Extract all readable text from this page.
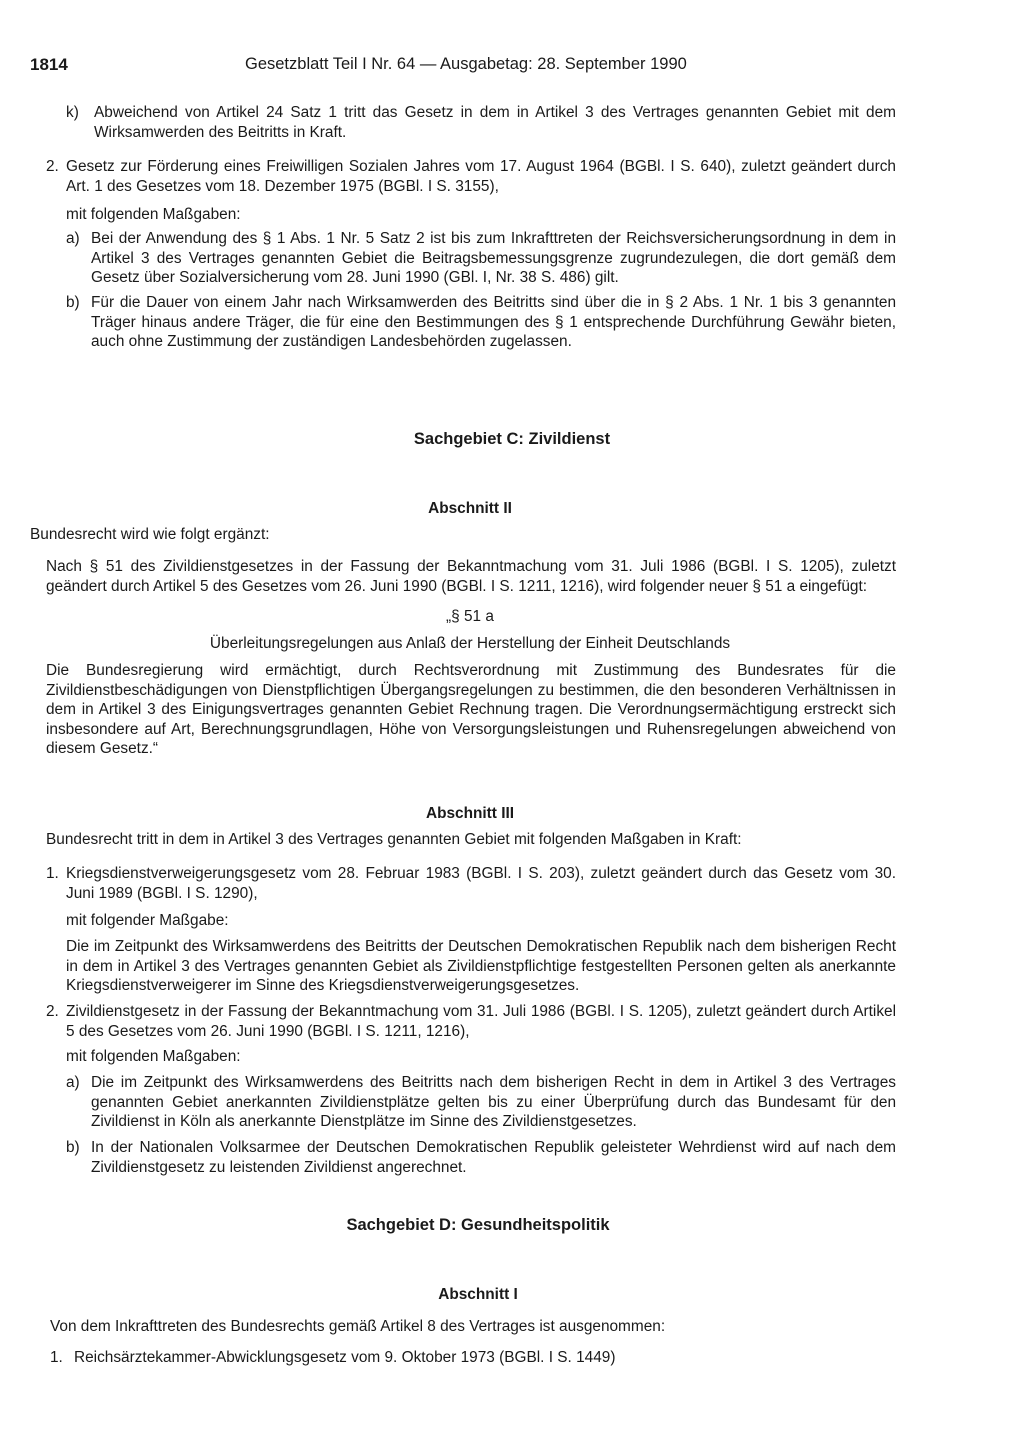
1814	Gesetzblatt Teil I Nr. 64 — Ausgabetag: 28. September 1990
k) Abweichend von Artikel 24 Satz 1 tritt das Gesetz in dem in Artikel 3 des Vertrages genannten Gebiet mit dem Wirksamwerden des Beitritts in Kraft.
2. Gesetz zur Förderung eines Freiwilligen Sozialen Jahres vom 17. August 1964 (BGBl. I S. 640), zuletzt geändert durch Art. 1 des Gesetzes vom 18. Dezember 1975 (BGBl. I S. 3155),
mit folgenden Maßgaben:
a) Bei der Anwendung des § 1 Abs. 1 Nr. 5 Satz 2 ist bis zum Inkrafttreten der Reichsversicherungsordnung in dem in Artikel 3 des Vertrages genannten Gebiet die Beitragsbemessungsgrenze zugrundezulegen, die dort gemäß dem Gesetz über Sozialversicherung vom 28. Juni 1990 (GBl. I, Nr. 38 S. 486) gilt.
b) Für die Dauer von einem Jahr nach Wirksamwerden des Beitritts sind über die in § 2 Abs. 1 Nr. 1 bis 3 genannten Träger hinaus andere Träger, die für eine den Bestimmungen des § 1 entsprechende Durchführung Gewähr bieten, auch ohne Zustimmung der zuständigen Landesbehörden zugelassen.
Sachgebiet C: Zivildienst
Abschnitt II
Bundesrecht wird wie folgt ergänzt:
Nach § 51 des Zivildienstgesetzes in der Fassung der Bekanntmachung vom 31. Juli 1986 (BGBl. I S. 1205), zuletzt geändert durch Artikel 5 des Gesetzes vom 26. Juni 1990 (BGBl. I S. 1211, 1216), wird folgender neuer § 51 a eingefügt:
„§ 51 a
Überleitungsregelungen aus Anlaß der Herstellung der Einheit Deutschlands
Die Bundesregierung wird ermächtigt, durch Rechtsverordnung mit Zustimmung des Bundesrates für die Zivildienstbeschädigungen von Dienstpflichtigen Übergangsregelungen zu bestimmen, die den besonderen Verhältnissen in dem in Artikel 3 des Einigungsvertrages genannten Gebiet Rechnung tragen. Die Verordnungsermächtigung erstreckt sich insbesondere auf Art, Berechnungsgrundlagen, Höhe von Versorgungsleistungen und Ruhensregelungen abweichend von diesem Gesetz.“
Abschnitt III
Bundesrecht tritt in dem in Artikel 3 des Vertrages genannten Gebiet mit folgenden Maßgaben in Kraft:
1. Kriegsdienstverweigerungsgesetz vom 28. Februar 1983 (BGBl. I S. 203), zuletzt geändert durch das Gesetz vom 30. Juni 1989 (BGBl. I S. 1290),
mit folgender Maßgabe:
Die im Zeitpunkt des Wirksamwerdens des Beitritts der Deutschen Demokratischen Republik nach dem bisherigen Recht in dem in Artikel 3 des Vertrages genannten Gebiet als Zivildienstpflichtige festgestellten Personen gelten als anerkannte Kriegsdienstverweigerer im Sinne des Kriegsdienstverweigerungsgesetzes.
2. Zivildienstgesetz in der Fassung der Bekanntmachung vom 31. Juli 1986 (BGBl. I S. 1205), zuletzt geändert durch Artikel 5 des Gesetzes vom 26. Juni 1990 (BGBl. I S. 1211, 1216),
mit folgenden Maßgaben:
a) Die im Zeitpunkt des Wirksamwerdens des Beitritts nach dem bisherigen Recht in dem in Artikel 3 des Vertrages genannten Gebiet anerkannten Zivildienstplätze gelten bis zu einer Überprüfung durch das Bundesamt für den Zivildienst in Köln als anerkannte Dienstplätze im Sinne des Zivildienstgesetzes.
b) In der Nationalen Volksarmee der Deutschen Demokratischen Republik geleisteter Wehrdienst wird auf nach dem Zivildienstgesetz zu leistenden Zivildienst angerechnet.
Sachgebiet D: Gesundheitspolitik
Abschnitt I
Von dem Inkrafttreten des Bundesrechts gemäß Artikel 8 des Vertrages ist ausgenommen:
1. Reichsärztekammer-Abwicklungsgesetz vom 9. Oktober 1973 (BGBl. I S. 1449)
